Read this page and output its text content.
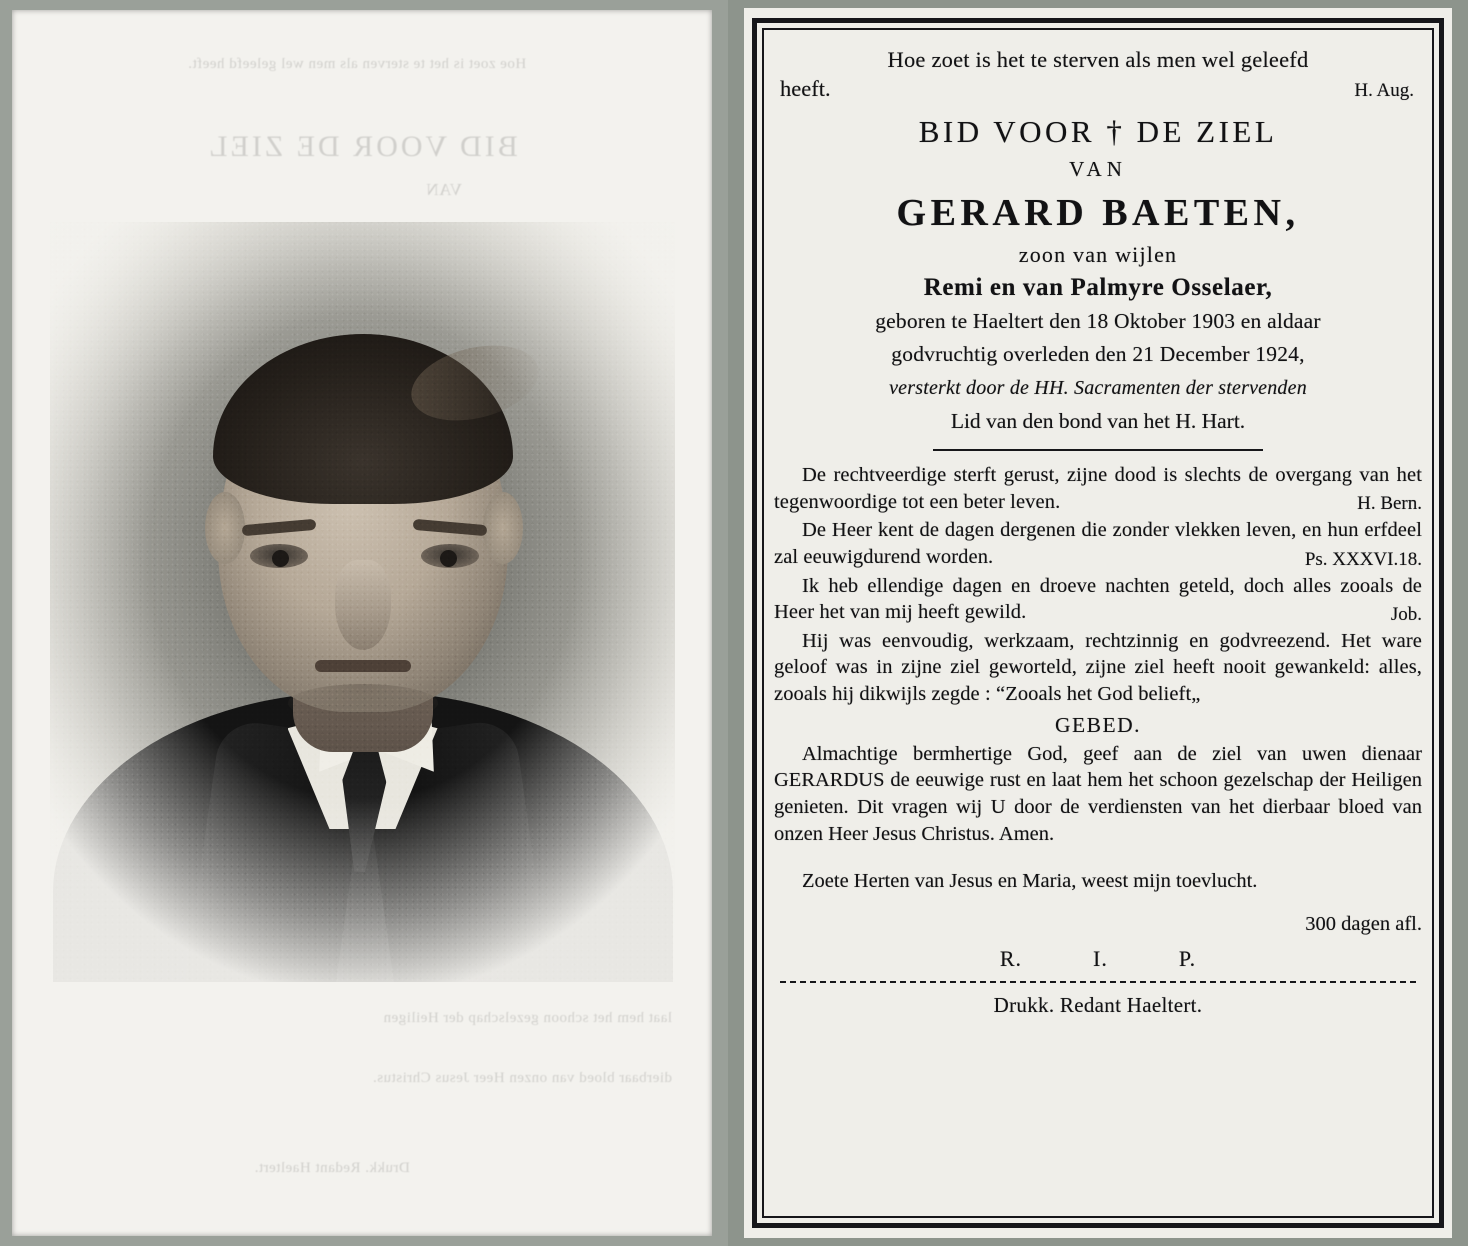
Hoe zoet is het te sterven als men wel geleefd heeft.
BID VOOR DE ZIEL
VAN
laat hem het schoon gezelschap der Heiligen
dierbaar bloed van onzen Heer Jesus Christus.
Drukk. Redant Haeltert.
Hoe zoet is het te sterven als men wel geleefd
heeft.	H. Aug.
BID VOOR † DE ZIEL
VAN
GERARD BAETEN,
zoon van wijlen
Remi en van Palmyre Osselaer,
geboren te Haeltert den 18 Oktober 1903 en aldaar
godvruchtig overleden den 21 December 1924,
versterkt door de HH. Sacramenten der stervenden
Lid van den bond van het H. Hart.

De rechtveerdige sterft gerust, zijne dood is slechts de overgang van het tegenwoordige tot een beter leven.	H. Bern.

De Heer kent de dagen dergenen die zonder vlekken leven, en hun erfdeel zal eeuwigdurend worden.	Ps. XXXVI.18.

Ik heb ellendige dagen en droeve nachten geteld, doch alles zooals de Heer het van mij heeft gewild.	Job.

Hij was eenvoudig, werkzaam, rechtzinnig en godvreezend. Het ware geloof was in zijne ziel geworteld, zijne ziel heeft nooit gewankeld: alles, zooals hij dikwijls zegde : “Zooals het God belieft„

GEBED.

Almachtige bermhertige God, geef aan de ziel van uwen dienaar GERARDUS de eeuwige rust en laat hem het schoon gezelschap der Heiligen genieten. Dit vragen wij U door de verdiensten van het dierbaar bloed van onzen Heer Jesus Christus. Amen.

Zoete Herten van Jesus en Maria, weest mijn toevlucht.

300 dagen afl.
R.	I.	P.
Drukk. Redant Haeltert.
